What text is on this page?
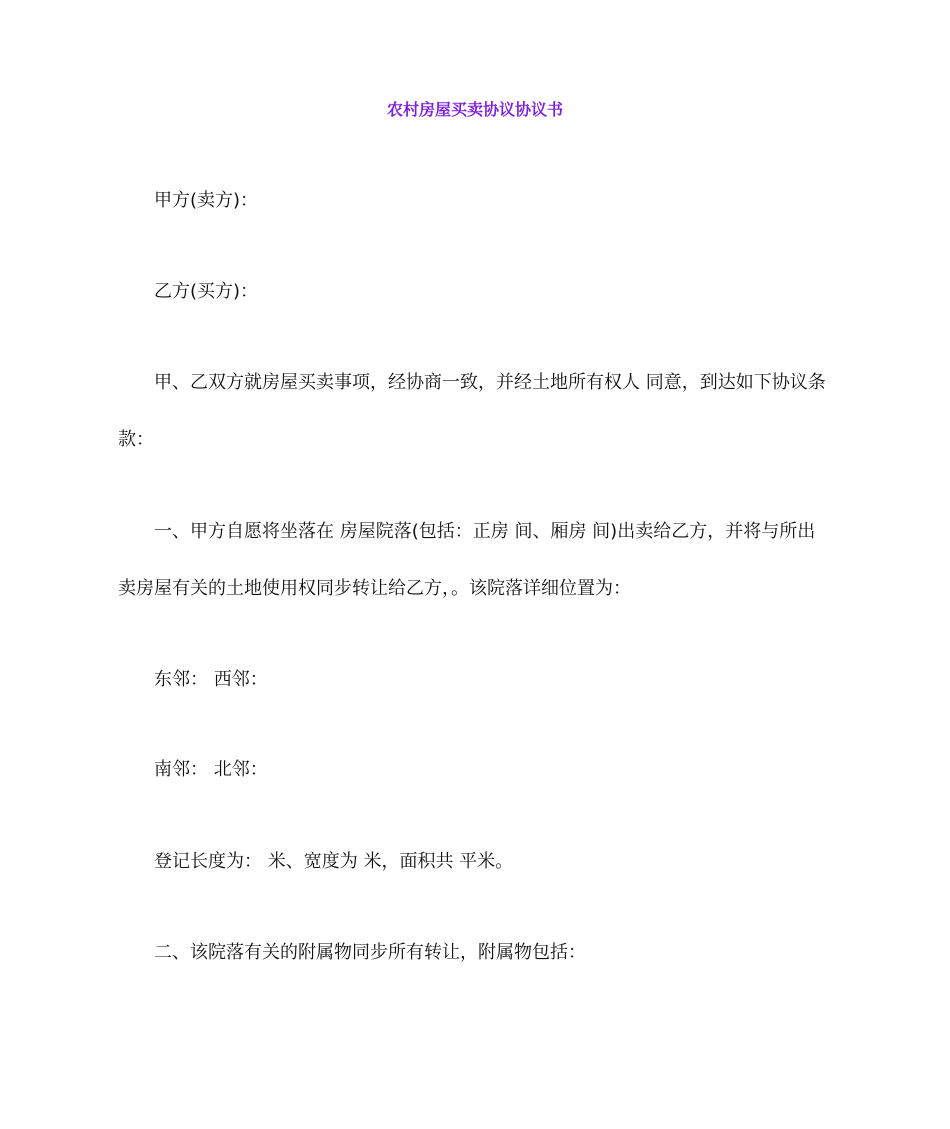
农村房屋买卖协议协议书
甲方(卖方)：
乙方(买方)：
甲、乙双方就房屋买卖事项，经协商一致，并经土地所有权人 同意，到达如下协议条
款：
一、甲方自愿将坐落在 房屋院落(包括：正房 间、厢房 间)出卖给乙方，并将与所出
卖房屋有关的土地使用权同步转让给乙方，。该院落详细位置为：
东邻： 西邻：
南邻： 北邻：
登记长度为： 米、宽度为 米，面积共 平米。
二、该院落有关的附属物同步所有转让，附属物包括：
